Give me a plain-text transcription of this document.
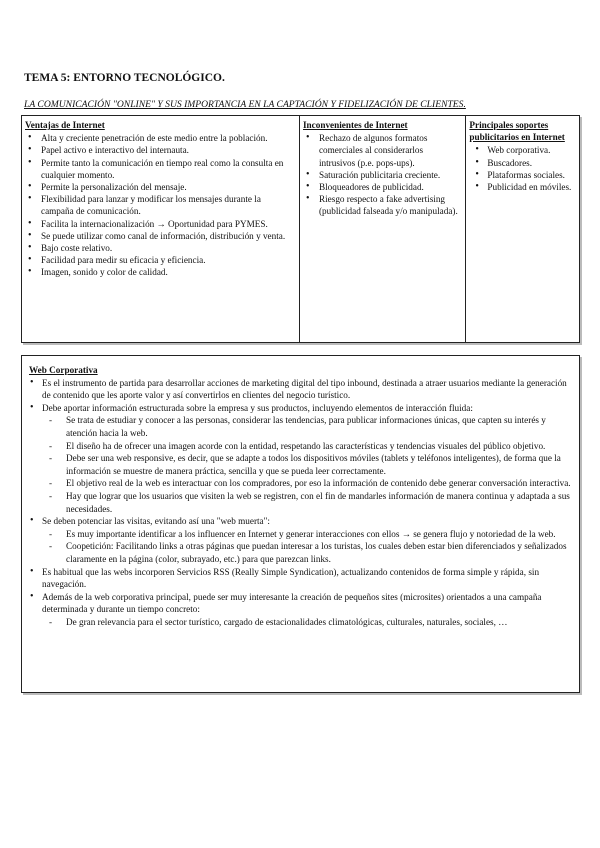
TEMA 5: ENTORNO TECNOLÓGICO.

LA COMUNICACIÓN "ONLINE" Y SUS IMPORTANCIA EN LA CAPTACIÓN Y FIDELIZACIÓN DE CLIENTES.

Ventajas de Internet

• Alta y creciente penetración de este medio entre la población.
• Papel activo e interactivo del internauta.
• Permite tanto la comunicación en tiempo real como la consulta en cualquier momento.
• Permite la personalización del mensaje.
• Flexibilidad para lanzar y modificar los mensajes durante la campaña de comunicación.
• Facilita la internacionalización → Oportunidad para PYMES.
• Se puede utilizar como canal de información, distribución y venta.
• Bajo coste relativo.
• Facilidad para medir su eficacia y eficiencia.
• Imagen, sonido y color de calidad.

Inconvenientes de Internet

• Rechazo de algunos formatos comerciales al considerarlos intrusivos (p.e. pops-ups).
• Saturación publicitaria creciente.
• Bloqueadores de publicidad.
• Riesgo respecto a fake advertising (publicidad falseada y/o manipulada).

Principales soportes publicitarios en Internet

• Web corporativa.
• Buscadores.
• Plataformas sociales.
• Publicidad en móviles.

Web Corporativa

• Es el instrumento de partida para desarrollar acciones de marketing digital del tipo inbound, destinada a atraer usuarios mediante la generación de contenido que les aporte valor y así convertirlos en clientes del negocio turístico.
• Debe aportar información estructurada sobre la empresa y sus productos, incluyendo elementos de interacción fluida:
- Se trata de estudiar y conocer a las personas, considerar las tendencias, para publicar informaciones únicas, que capten su interés y atención hacia la web.
- El diseño ha de ofrecer una imagen acorde con la entidad, respetando las características y tendencias visuales del público objetivo.
- Debe ser una web responsive, es decir, que se adapte a todos los dispositivos móviles (tablets y teléfonos inteligentes), de forma que la información se muestre de manera práctica, sencilla y que se pueda leer correctamente.
- El objetivo real de la web es interactuar con los compradores, por eso la información de contenido debe generar conversación interactiva.
- Hay que lograr que los usuarios que visiten la web se registren, con el fin de mandarles información de manera continua y adaptada a sus necesidades.
• Se deben potenciar las visitas, evitando así una "web muerta":
- Es muy importante identificar a los influencer en Internet y generar interacciones con ellos → se genera flujo y notoriedad de la web.
- Coopetición: Facilitando links a otras páginas que puedan interesar a los turistas, los cuales deben estar bien diferenciados y señalizados claramente en la página (color, subrayado, etc.) para que parezcan links.
• Es habitual que las webs incorporen Servicios RSS (Really Simple Syndication), actualizando contenidos de forma simple y rápida, sin navegación.
• Además de la web corporativa principal, puede ser muy interesante la creación de pequeños sites (microsites) orientados a una campaña determinada y durante un tiempo concreto:
- De gran relevancia para el sector turístico, cargado de estacionalidades climatológicas, culturales, naturales, sociales, …
